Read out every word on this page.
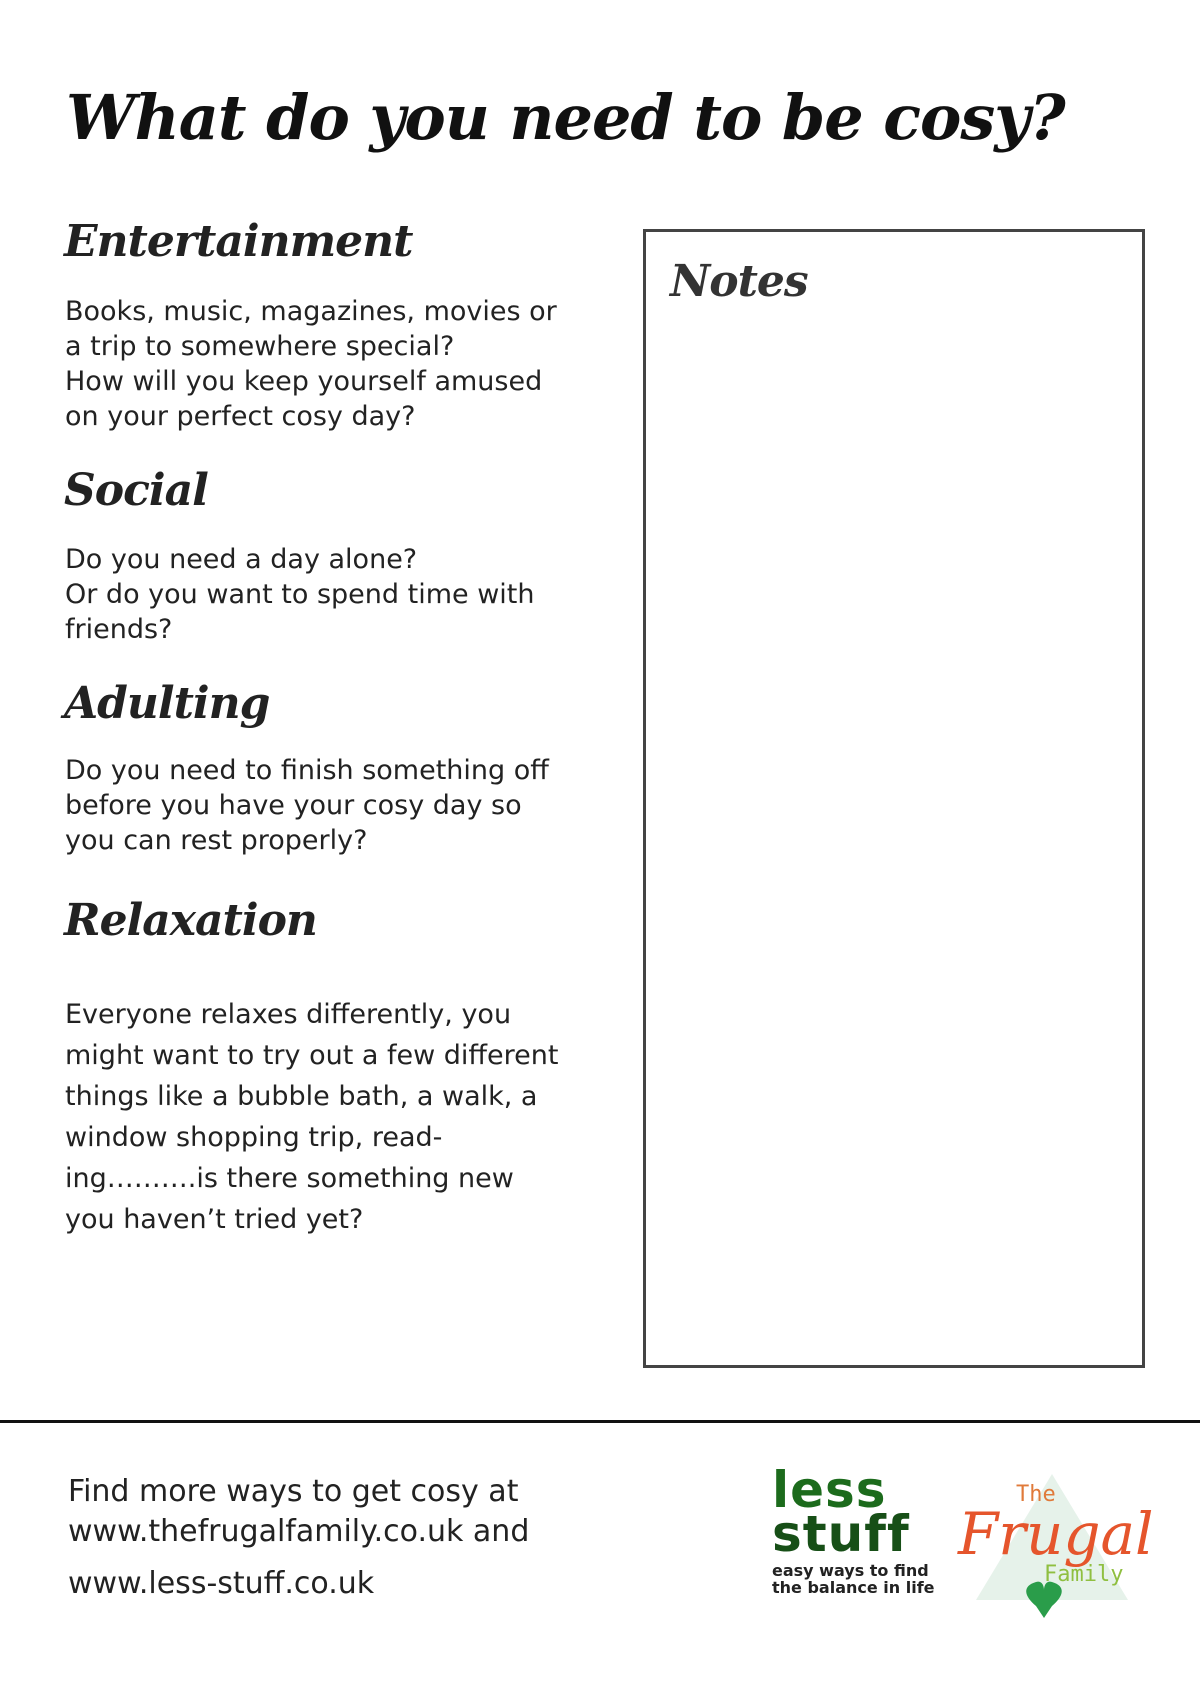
What do you need to be cosy?
Entertainment
Books, music, magazines, movies or
a trip to somewhere special?
How will you keep yourself amused
on your perfect cosy day?
Social
Do you need a day alone?
Or do you want to spend time with
friends?
Adulting
Do you need to finish something off
before you have your cosy day so
you can rest properly?
Relaxation
Everyone relaxes differently, you
might want to try out a few different
things like a bubble bath, a walk, a
window shopping trip, read-
ing……….is there something new
you haven’t tried yet?
Notes
Find more ways to get cosy at
www.thefrugalfamily.co.uk and
www.less-stuff.co.uk
less
stuff
easy ways to find
the balance in life
The
Frugal
Family
